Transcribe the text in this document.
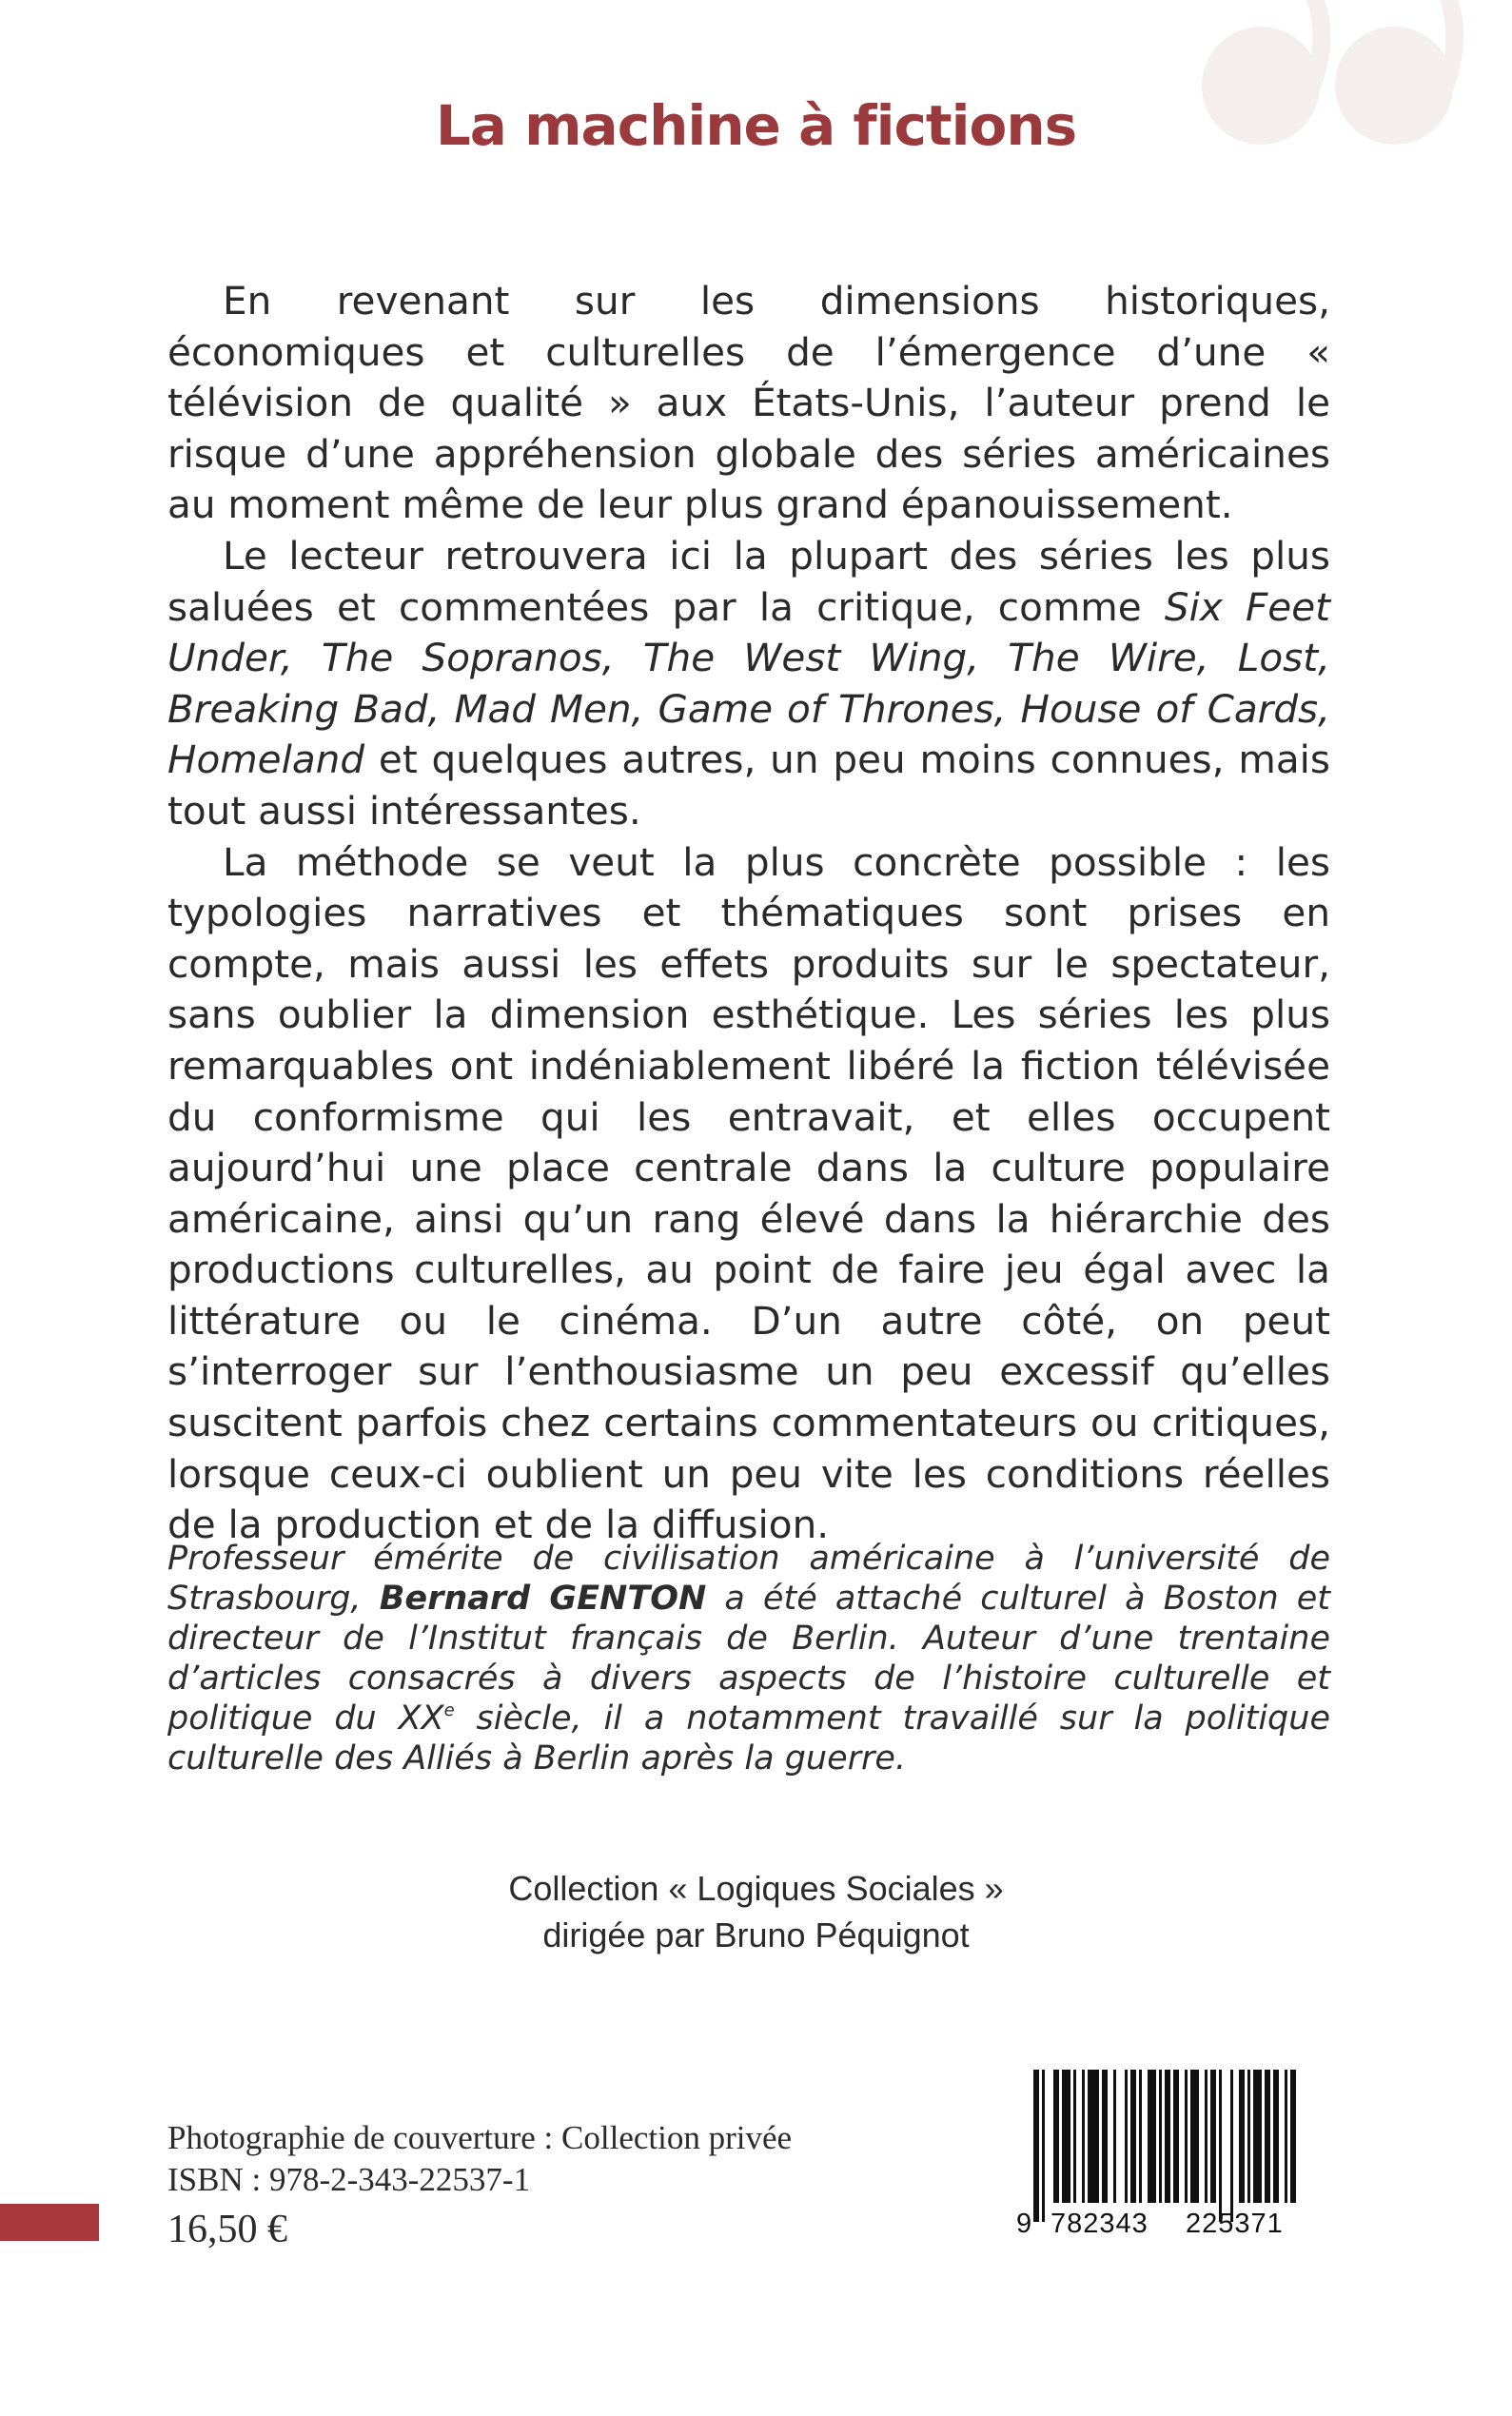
La machine à fictions

En revenant sur les dimensions historiques, économiques et culturelles de l’émergence d’une « télévision de qualité » aux États-Unis, l’auteur prend le risque d’une appréhension globale des séries américaines au moment même de leur plus grand épanouissement.

Le lecteur retrouvera ici la plupart des séries les plus saluées et commentées par la critique, comme Six Feet Under, The Sopranos, The West Wing, The Wire, Lost, Breaking Bad, Mad Men, Game of Thrones, House of Cards, Homeland et quelques autres, un peu moins connues, mais tout aussi intéressantes.

La méthode se veut la plus concrète possible : les typologies narratives et thématiques sont prises en compte, mais aussi les effets produits sur le spectateur, sans oublier la dimension esthétique. Les séries les plus remarquables ont indéniablement libéré la fiction télévisée du conformisme qui les entravait, et elles occupent aujourd’hui une place centrale dans la culture populaire américaine, ainsi qu’un rang élevé dans la hiérarchie des productions culturelles, au point de faire jeu égal avec la littérature ou le cinéma. D’un autre côté, on peut s’interroger sur l’enthousiasme un peu excessif qu’elles suscitent parfois chez certains commentateurs ou critiques, lorsque ceux-ci oublient un peu vite les conditions réelles de la production et de la diffusion.

Professeur émérite de civilisation américaine à l’université de Strasbourg, Bernard GENTON a été attaché culturel à Boston et directeur de l’Institut français de Berlin. Auteur d’une trentaine d’articles consacrés à divers aspects de l’histoire culturelle et politique du XXe siècle, il a notamment travaillé sur la politique culturelle des Alliés à Berlin après la guerre.
Collection « Logiques Sociales »
dirigée par Bruno Péquignot
Photographie de couverture : Collection privée
ISBN : 978-2-343-22537-1
16,50 €	9 782343 225371
